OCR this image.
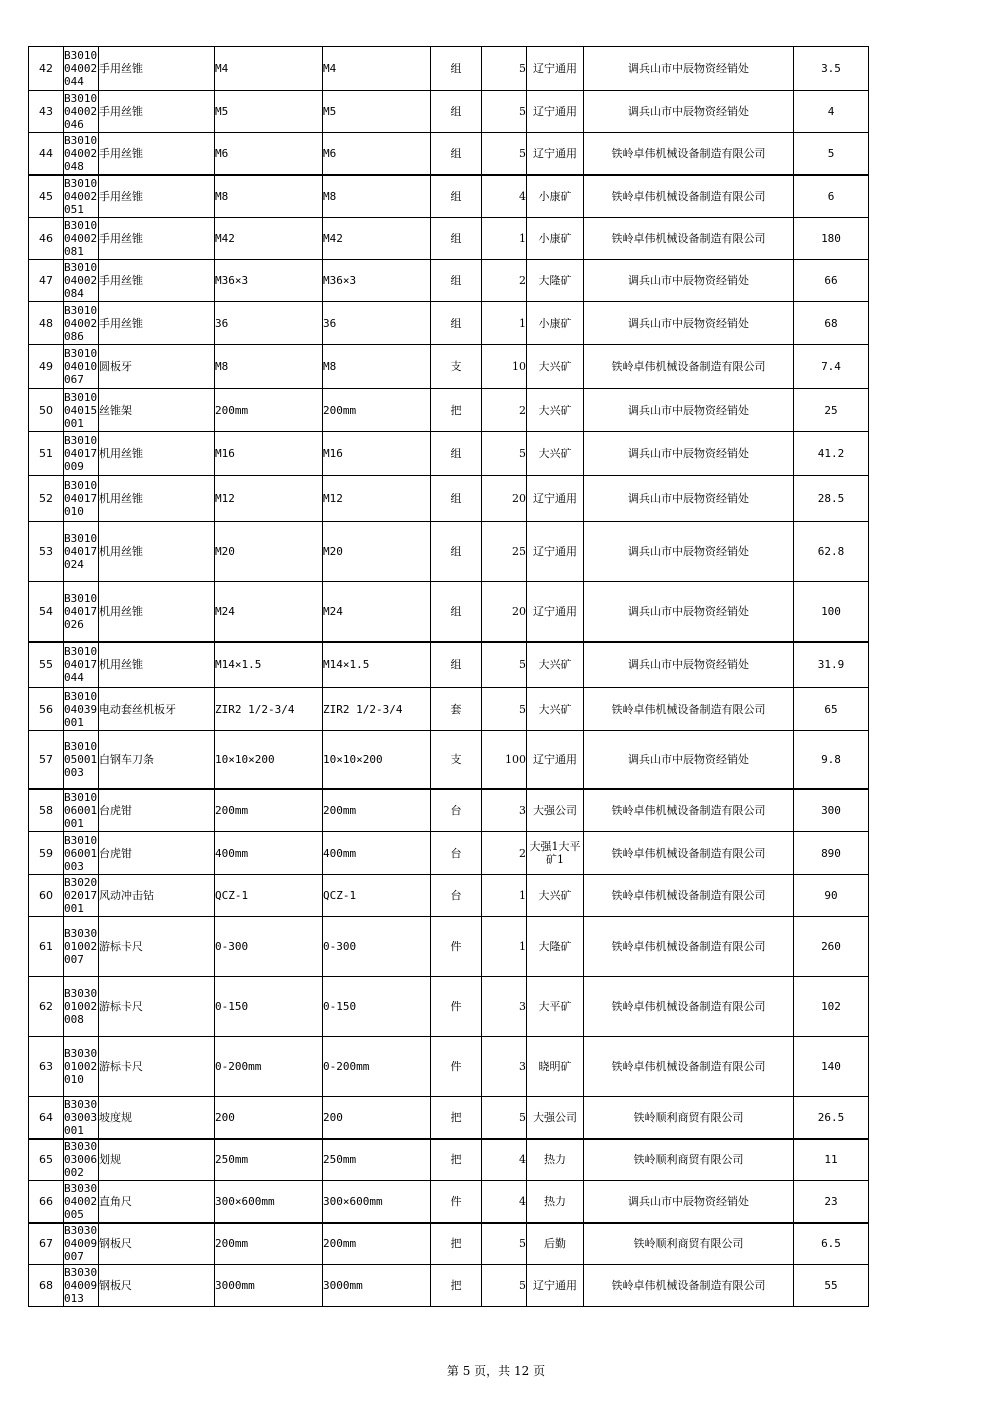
42	B3010
04002
044	手用丝锥	M4	M4	组	5	辽宁通用	调兵山市中辰物资经销处	3.5
43	B3010
04002
046	手用丝锥	M5	M5	组	5	辽宁通用	调兵山市中辰物资经销处	4
44	B3010
04002
048	手用丝锥	M6	M6	组	5	辽宁通用	铁岭卓伟机械设备制造有限公司	5
45	B3010
04002
051	手用丝锥	M8	M8	组	4	小康矿	铁岭卓伟机械设备制造有限公司	6
46	B3010
04002
081	手用丝锥	M42	M42	组	1	小康矿	铁岭卓伟机械设备制造有限公司	180
47	B3010
04002
084	手用丝锥	M36×3	M36×3	组	2	大隆矿	调兵山市中辰物资经销处	66
48	B3010
04002
086	手用丝锥	36	36	组	1	小康矿	调兵山市中辰物资经销处	68
49	B3010
04010
067	圆板牙	M8	M8	支	10	大兴矿	铁岭卓伟机械设备制造有限公司	7.4
50	B3010
04015
001	丝锥架	200mm	200mm	把	2	大兴矿	调兵山市中辰物资经销处	25
51	B3010
04017
009	机用丝锥	M16	M16	组	5	大兴矿	调兵山市中辰物资经销处	41.2
52	B3010
04017
010	机用丝锥	M12	M12	组	20	辽宁通用	调兵山市中辰物资经销处	28.5
53	B3010
04017
024	机用丝锥	M20	M20	组	25	辽宁通用	调兵山市中辰物资经销处	62.8
54	B3010
04017
026	机用丝锥	M24	M24	组	20	辽宁通用	调兵山市中辰物资经销处	100
55	B3010
04017
044	机用丝锥	M14×1.5	M14×1.5	组	5	大兴矿	调兵山市中辰物资经销处	31.9
56	B3010
04039
001	电动套丝机板牙	ZIR2 1/2-3/4	ZIR2 1/2-3/4	套	5	大兴矿	铁岭卓伟机械设备制造有限公司	65
57	B3010
05001
003	白钢车刀条	10×10×200	10×10×200	支	100	辽宁通用	调兵山市中辰物资经销处	9.8
58	B3010
06001
001	台虎钳	200mm	200mm	台	3	大强公司	铁岭卓伟机械设备制造有限公司	300
59	B3010
06001
003	台虎钳	400mm	400mm	台	2	大强1大平矿1	铁岭卓伟机械设备制造有限公司	890
60	B3020
02017
001	风动冲击钻	QCZ-1	QCZ-1	台	1	大兴矿	铁岭卓伟机械设备制造有限公司	90
61	B3030
01002
007	游标卡尺	0-300	0-300	件	1	大隆矿	铁岭卓伟机械设备制造有限公司	260
62	B3030
01002
008	游标卡尺	0-150	0-150	件	3	大平矿	铁岭卓伟机械设备制造有限公司	102
63	B3030
01002
010	游标卡尺	0-200mm	0-200mm	件	3	晓明矿	铁岭卓伟机械设备制造有限公司	140
64	B3030
03003
001	坡度规	200	200	把	5	大强公司	铁岭顺利商贸有限公司	26.5
65	B3030
03006
002	划规	250mm	250mm	把	4	热力	铁岭顺利商贸有限公司	11
66	B3030
04002
005	直角尺	300×600mm	300×600mm	件	4	热力	调兵山市中辰物资经销处	23
67	B3030
04009
007	钢板尺	200mm	200mm	把	5	后勤	铁岭顺利商贸有限公司	6.5
68	B3030
04009
013	钢板尺	3000mm	3000mm	把	5	辽宁通用	铁岭卓伟机械设备制造有限公司	55
第 5 页，共 12 页
